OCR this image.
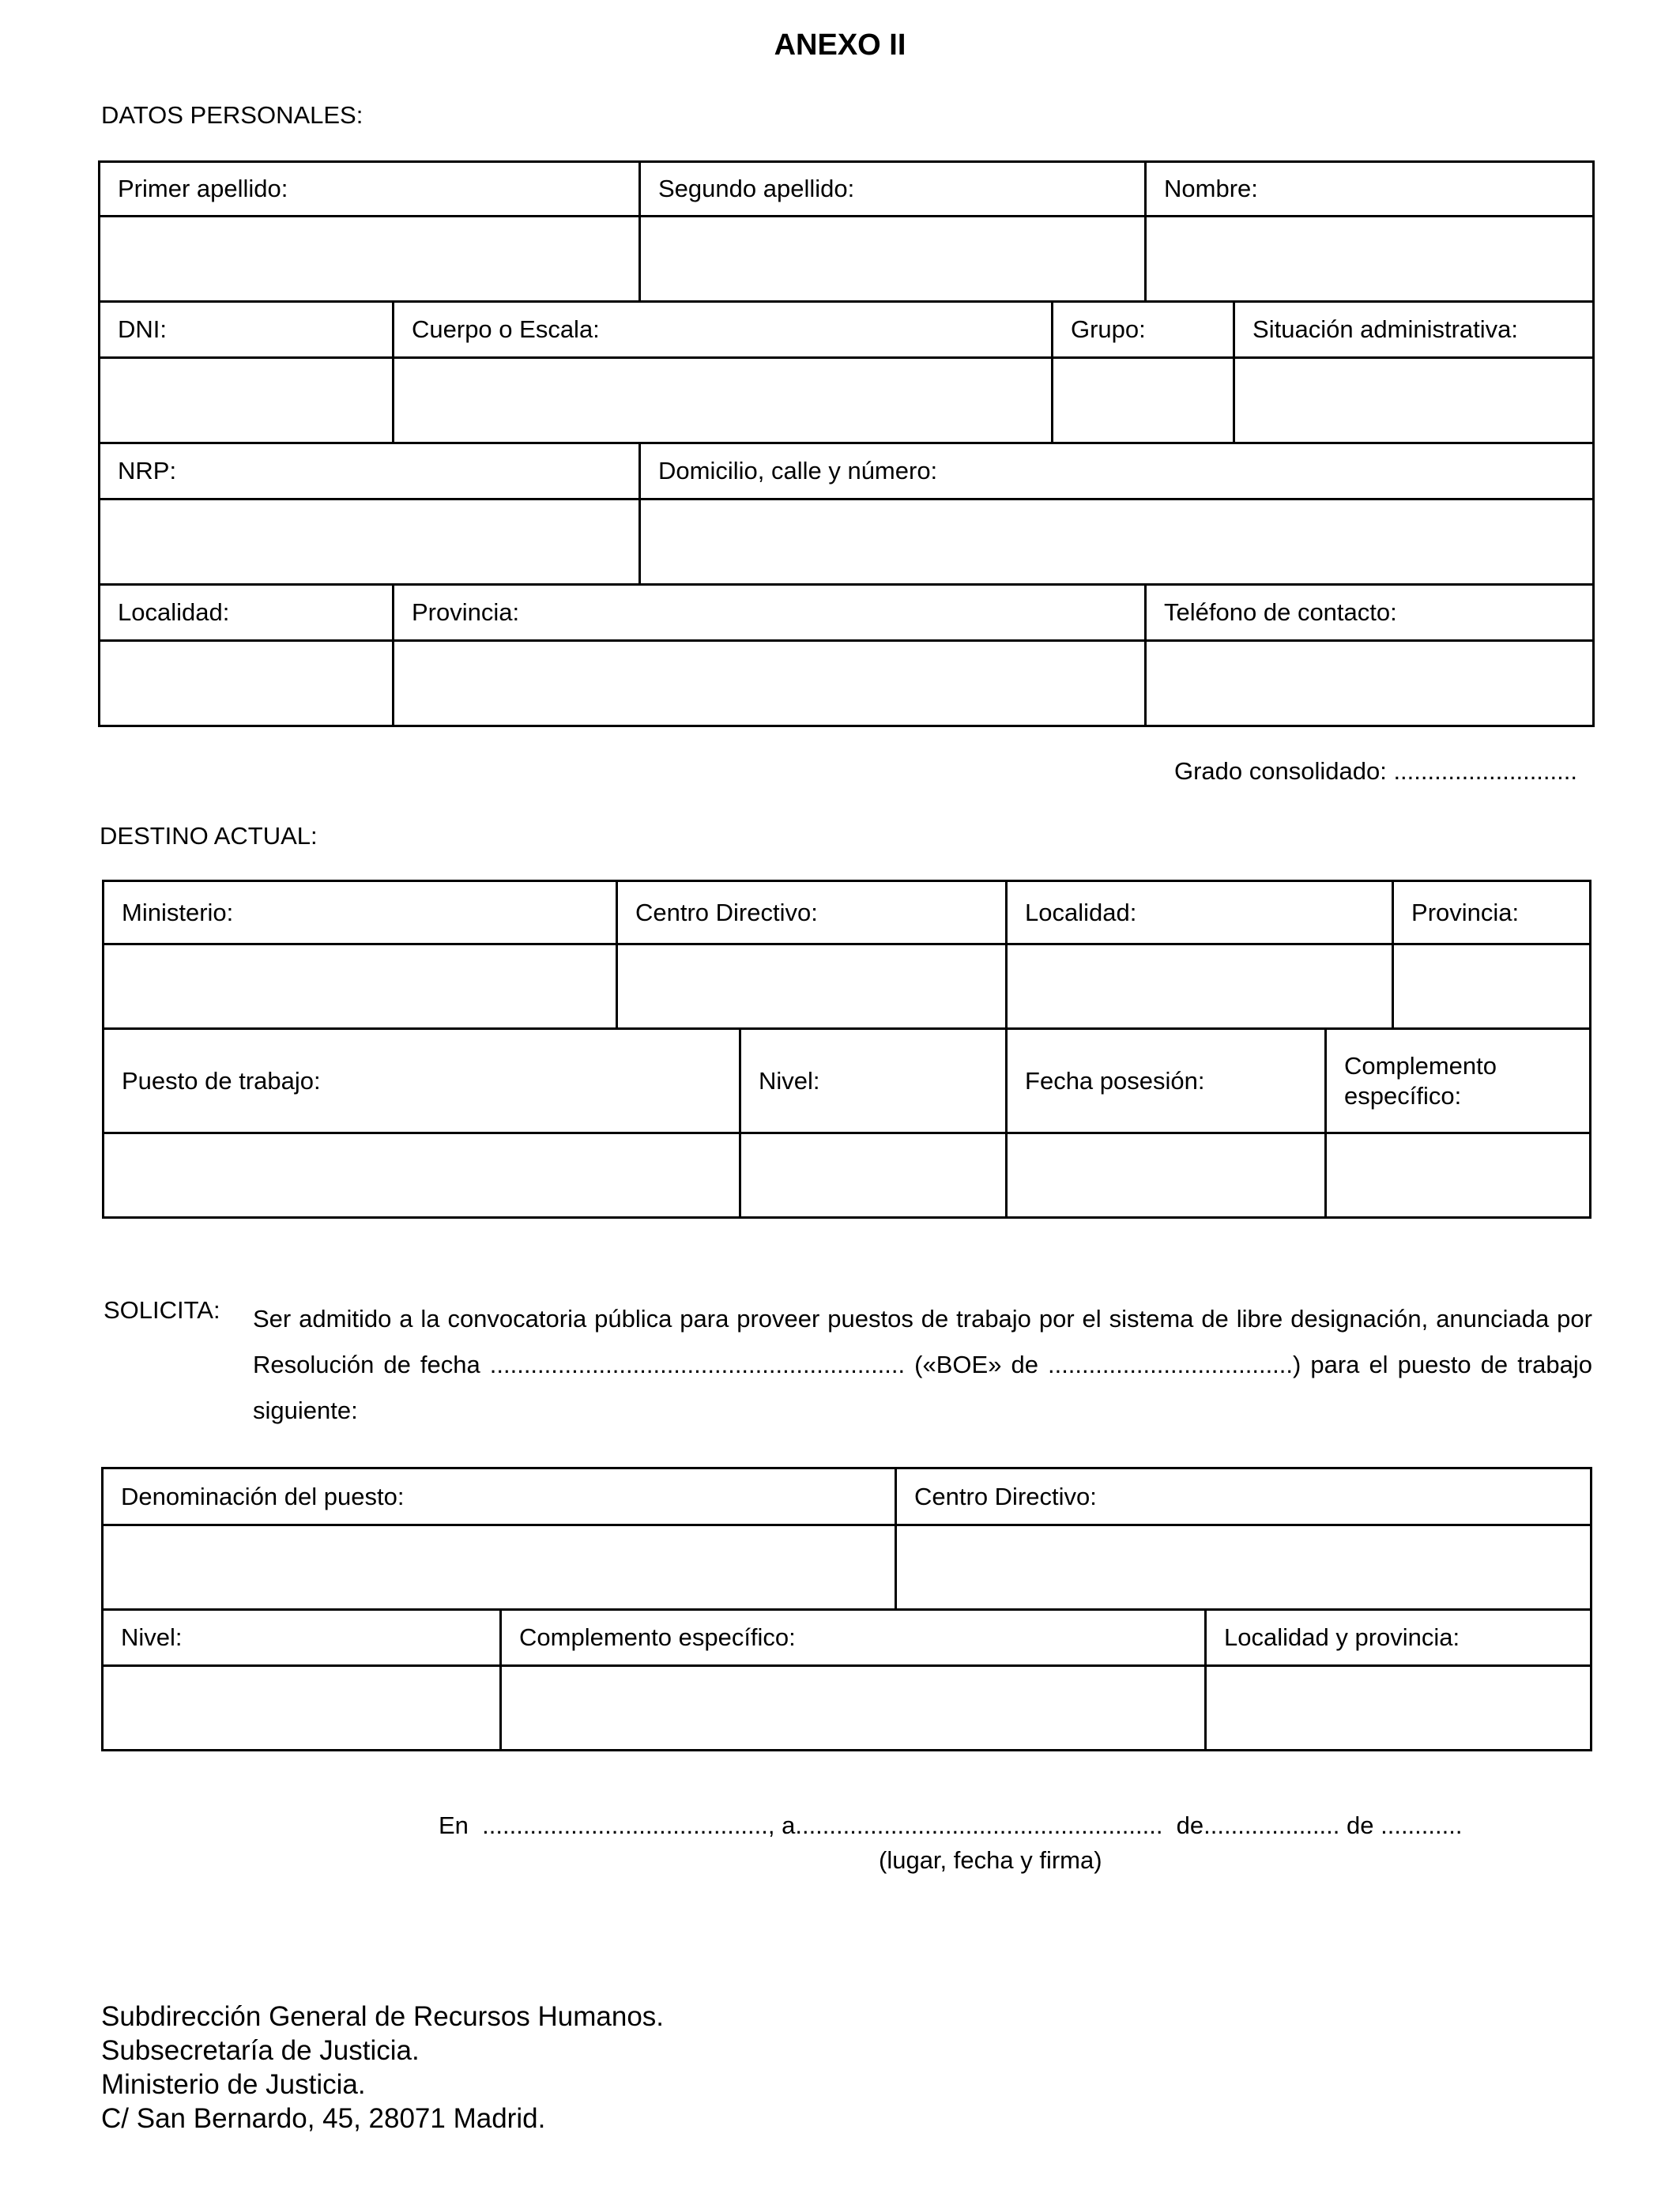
ANEXO II
DATOS PERSONALES:
Primer apellido:		Segundo apellido:		Nombre:	

DNI:	Cuerpo o Escala:		Grupo:		Situación administrativa:

NRP:		Domicilio, calle y número:			

Localidad:	Provincia:			Teléfono de contacto:	

Grado consolidado: ...........................
DESTINO ACTUAL:
Ministerio:	Centro Directivo:		Localidad:		Provincia:

Puesto de trabajo:		Nivel:	Fecha posesión:	Complemento
específico:	

SOLICITA: Ser admitido a la convocatoria pública para proveer puestos de trabajo por el sistema de libre designación, anunciada por Resolución de fecha ............................................................. («BOE» de ....................................) para el puesto de trabajo siguiente:
Denominación del puesto:		Centro Directivo:	

Nivel:	Complemento específico:		Localidad y provincia:

En  .........................................., a......................................................  de.................... de ............
(lugar, fecha y firma)
Subdirección General de Recursos Humanos.
Subsecretaría de Justicia.
Ministerio de Justicia.
C/ San Bernardo, 45, 28071 Madrid.
